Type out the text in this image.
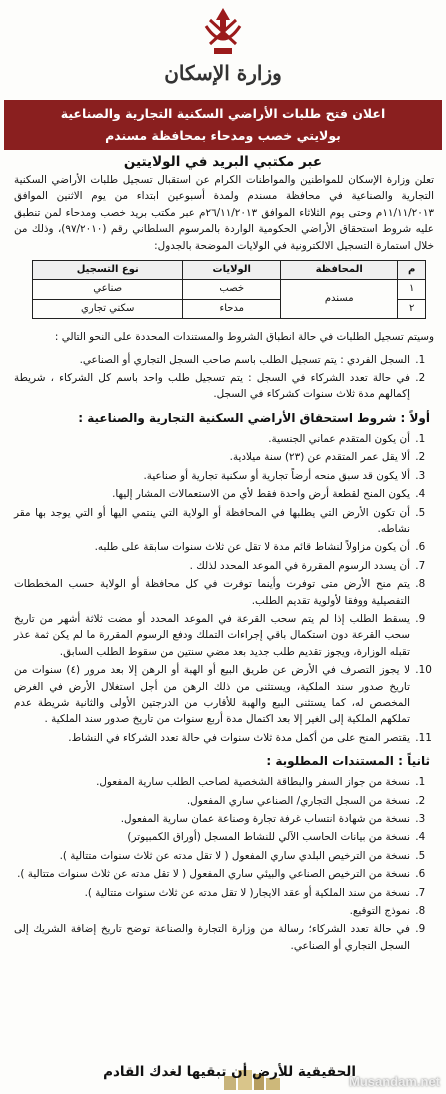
وزارة الإسكان
اعلان فتح طلبات الأراضي السكنية التجارية والصناعية
بولايتي خصب ومدحاء بمحافظة مسندم
عبر مكتبي البريد في الولايتين

تعلن وزارة الإسكان للمواطنين والمواطنات الكرام عن استقبال تسجيل طلبات الأراضي السكنية التجارية والصناعية في محافظة مسندم ولمدة أسبوعين ابتداء من يوم الاثنين الموافق ١١/١١/٢٠١٣م وحتى يوم الثلاثاء الموافق ٢٦/١١/٢٠١٣م عبر مكتب بريد خصب ومدحاء لمن تنطبق عليه شروط استحقاق الأراضي الحكومية الواردة بالمرسوم السلطاني رقم (٩٧/٢٠١٠)، وذلك من خلال استمارة التسجيل الالكترونية في الولايات الموضحة بالجدول:

م	المحافظة	الولايات	نوع التسجيل
١	مسندم	خصب	صناعي
٢		مدحاء	سكني تجاري

وسيتم تسجيل الطلبات في حالة انطباق الشروط والمستندات المحددة على النحو التالي :

1. السجل الفردي : يتم تسجيل الطلب باسم صاحب السجل التجاري أو الصناعي.
2. في حالة تعدد الشركاء في السجل : يتم تسجيل طلب واحد باسم كل الشركاء ، شريطة إكمالهم مدة ثلاث سنوات كشركاء في السجل.
أولاً : شروط استحقاق الأراضي السكنية التجارية والصناعية :
1. أن يكون المتقدم عماني الجنسية.
2. ألا يقل عمر المتقدم عن (٢٣) سنة ميلادية.
3. ألا يكون قد سبق منحه أرضاً تجارية أو سكنية تجارية أو صناعية.
4. يكون المنح لقطعة أرض واحدة فقط لأي من الاستعمالات المشار إليها.
5. أن تكون الأرض التي يطلبها في المحافظة أو الولاية التي ينتمي اليها أو التي يوجد بها مقر نشاطه.
6. أن يكون مزاولاً لنشاط قائم مدة لا تقل عن ثلاث سنوات سابقة على طلبه.
7. أن يسدد الرسوم المقررة في الموعد المحدد لذلك .
8. يتم منح الأرض متى توفرت وأينما توفرت في كل محافظة أو الولاية حسب المخططات التفصيلية ووفقا لأولوية تقديم الطلب.
9. يسقط الطلب إذا لم يتم سحب القرعة في الموعد المحدد أو مضت ثلاثة أشهر من تاريخ سحب القرعة دون استكمال باقي إجراءات التملك ودفع الرسوم المقررة ما لم يكن ثمة عذر تقبله الوزارة، ويجوز تقديم طلب جديد بعد مضي سنتين من سقوط الطلب السابق.
10. لا يجوز التصرف في الأرض عن طريق البيع أو الهبة أو الرهن إلا بعد مرور (٤) سنوات من تاريخ صدور سند الملكية، ويستثنى من ذلك الرهن من أجل استغلال الأرض في الغرض المخصص له، كما يستثنى البيع والهبة للأقارب من الدرجتين الأولى والثانية شريطة عدم تملكهم الملكية إلى الغير إلا بعد اكتمال مدة أربع سنوات من تاريخ صدور سند الملكية .
11. يقتصر المنح على من أكمل مدة ثلاث سنوات في حالة تعدد الشركاء في النشاط.
ثانياً : المستندات المطلوبة :
1. نسخة من جواز السفر والبطاقة الشخصية لصاحب الطلب سارية المفعول.
2. نسخة من السجل التجاري/ الصناعي ساري المفعول.
3. نسخة من شهادة انتساب غرفة تجارة وصناعة عمان سارية المفعول.
4. نسخة من بيانات الحاسب الآلي للنشاط المسجل (أوراق الكمبيوتر)
5. نسخة من الترخيص البلدي ساري المفعول ( لا تقل مدته عن ثلاث سنوات متتالية ).
6. نسخة من الترخيص الصناعي والبيئي ساري المفعول ( لا تقل مدته عن ثلاث سنوات متتالية ).
7. نسخة من سند الملكية أو عقد الايجار( لا تقل مدته عن ثلاث سنوات متتالية ).
8. نموذج التوقيع.
9. في حالة تعدد الشركاء؛ رسالة من وزارة التجارة والصناعة توضح تاريخ إضافة الشريك إلى السجل التجاري أو الصناعي.
الحقيقية للأرض أن تبقيها لغدك القادم
Musandam.net
